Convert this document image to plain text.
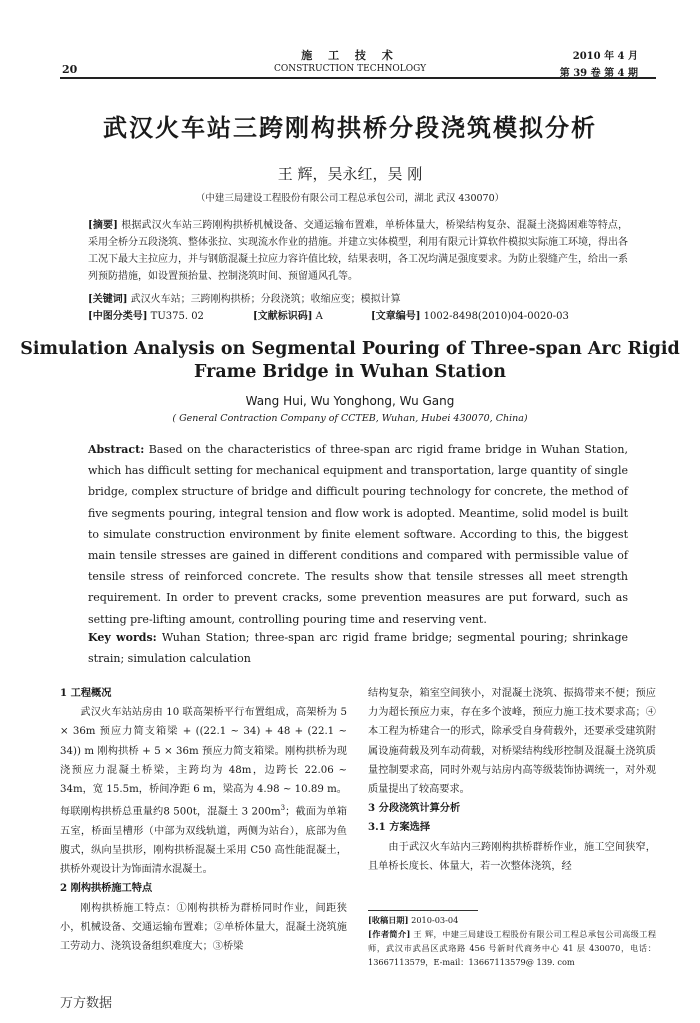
施 工 技 术
CONSTRUCTION TECHNOLOGY
20
2010 年 4 月
第 39 卷 第 4 期
武汉火车站三跨刚构拱桥分段浇筑模拟分析
王 辉，吴永红，吴 刚
（中建三局建设工程股份有限公司工程总承包公司，湖北 武汉 430070）
[摘要] 根据武汉火车站三跨刚构拱桥机械设备、交通运输布置难，单桥体量大，桥梁结构复杂、混凝土浇捣困难等特点，采用全桥分五段浇筑、整体张拉、实现流水作业的措施。并建立实体模型，利用有限元计算软件模拟实际施工环境，得出各工况下最大主拉应力，并与钢筋混凝土拉应力容许值比较，结果表明，各工况均满足强度要求。为防止裂缝产生，给出一系列预防措施，如设置预抬量、控制浇筑时间、预留通风孔等。
[关键词] 武汉火车站；三跨刚构拱桥；分段浇筑；收缩应变；模拟计算
[中图分类号] TU375. 02	[文献标识码] A	[文章编号] 1002-8498(2010)04-0020-03
Simulation Analysis on Segmental Pouring of Three-span Arc Rigid Frame Bridge in Wuhan Station
Wang Hui, Wu Yonghong, Wu Gang
( General Contraction Company of CCTEB, Wuhan, Hubei 430070, China)
Abstract: Based on the characteristics of three-span arc rigid frame bridge in Wuhan Station, which has difficult setting for mechanical equipment and transportation, large quantity of single bridge, complex structure of bridge and difficult pouring technology for concrete, the method of five segments pouring, integral tension and flow work is adopted. Meantime, solid model is built to simulate construction environment by finite element software. According to this, the biggest main tensile stresses are gained in different conditions and compared with permissible value of tensile stress of reinforced concrete. The results show that tensile stresses all meet strength requirement. In order to prevent cracks, some prevention measures are put forward, such as setting pre-lifting amount, controlling pouring time and reserving vent.
Key words: Wuhan Station; three-span arc rigid frame bridge; segmental pouring; shrinkage strain; simulation calculation
1 工程概况

武汉火车站站房由 10 联高架桥平行布置组成，高架桥为 5 × 36m 预应力简支箱梁 + ((22.1 ~ 34) + 48 + (22.1 ~ 34)) m 刚构拱桥 + 5 × 36m 预应力简支箱梁。刚构拱桥为现浇预应力混凝土桥梁，主跨均为 48m，边跨长 22.06 ~ 34m，宽 15.5m，桥间净距 6 m，梁高为 4.98 ~ 10.89 m。每联刚构拱桥总重量约8 500t，混凝土 3 $200m^3$；截面为单箱五室，桥面呈槽形（中部为双线轨道，两侧为站台），底部为鱼腹式，纵向呈拱形，刚构拱桥混凝土采用 C50 高性能混凝土，拱桥外观设计为饰面清水混凝土。

2 刚构拱桥施工特点

刚构拱桥施工特点：①刚构拱桥为群桥同时作业，间距狭小，机械设备、交通运输布置难；②单桥体量大，混凝土浇筑施工劳动力、浇筑设备组织难度大；③桥梁

结构复杂，箱室空间狭小，对混凝土浇筑、振捣带来不便；预应力为超长预应力束，存在多个波峰，预应力施工技术要求高；④本工程为桥建合一的形式，除承受自身荷载外，还要承受建筑附属设施荷载及列车动荷载，对桥梁结构线形控制及混凝土浇筑质量控制要求高，同时外观与站房内高等级装饰协调统一，对外观质量提出了较高要求。

3 分段浇筑计算分析
3.1 方案选择

由于武汉火车站内三跨刚构拱桥群桥作业，施工空间狭窄，且单桥长度长、体量大，若一次整体浇筑，经

[收稿日期] 2010-03-04
[作者简介] 王 辉，中建三局建设工程股份有限公司工程总承包公司高级工程师，武汉市武昌区武珞路 456 号新时代商务中心 41 层 430070，电话：13667113579，E-mail：13667113579@ 139. com
万方数据
